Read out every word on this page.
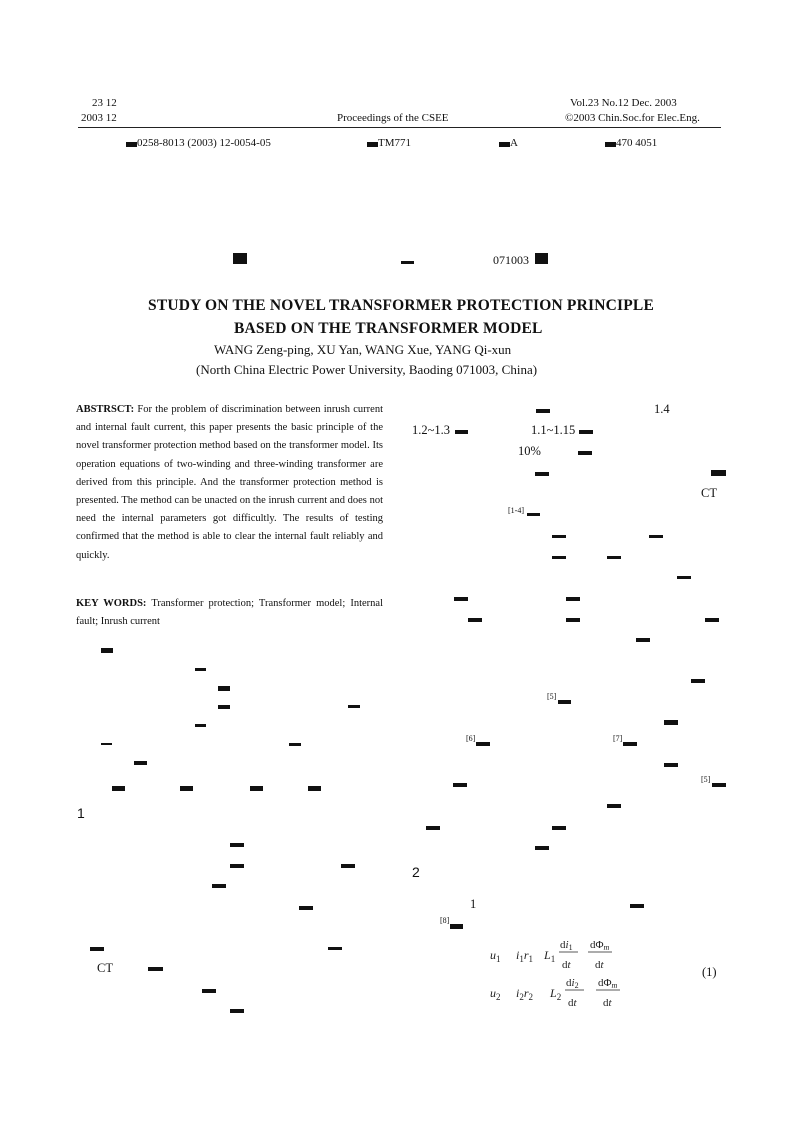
23 12
2003 12	Proceedings of the CSEE
Vol.23 No.12 Dec. 2003
©2003 Chin.Soc.for Elec.Eng.
0258-8013 (2003) 12-0054-05	TM771	A	470 4051
071003
STUDY ON THE NOVEL TRANSFORMER PROTECTION PRINCIPLE
BASED ON THE TRANSFORMER MODEL
WANG Zeng-ping, XU Yan, WANG Xue, YANG Qi-xun
(North China Electric Power University, Baoding 071003, China)
ABSTRSCT: For the problem of discrimination between inrush current and internal fault current, this paper presents the basic principle of the novel transformer protection method based on the transformer model. Its operation equations of two-winding and three-winding transformer are derived from this principle. And the transformer protection method is presented. The method can be unacted on the inrush current and does not need the internal parameters got difficultly. The results of testing confirmed that the method is able to clear the internal fault reliably and quickly.
KEY WORDS: Transformer protection; Transformer model; Internal fault; Inrush current
1
CT
1.4
1.2~1.3	1.1~1.15
10%
CT
[1-4]
[5]
[6]	[7]
[5]
2
1
[8]
$u_1$ $i_1r_1$ $L_1$
di1
dt
dΦm
dt
$u_2$ $i_2r_2$ $L_2$
di2
dt
dΦm
dt
(1)
